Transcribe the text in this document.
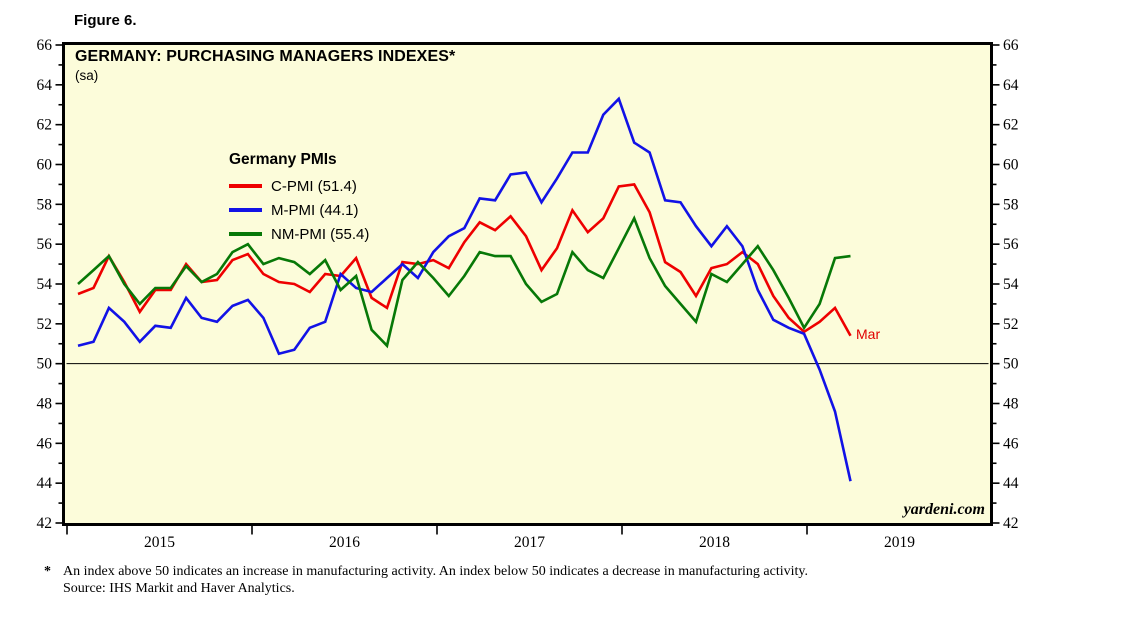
42	42
44	44
46	46
48	48
50	50
52	52
54	54
56	56
58	58
60	60
62	62
64	64
66	66
2015	2016	2017	2018	2019
Figure 6.
GERMANY: PURCHASING MANAGERS INDEXES*
(sa)
Germany PMIs
C-PMI (51.4)
M-PMI (44.1)
NM-PMI (55.4)
Mar
yardeni.com
* An index above 50 indicates an increase in manufacturing activity. An index below 50 indicates a decrease in manufacturing activity.
Source: IHS Markit and Haver Analytics.
